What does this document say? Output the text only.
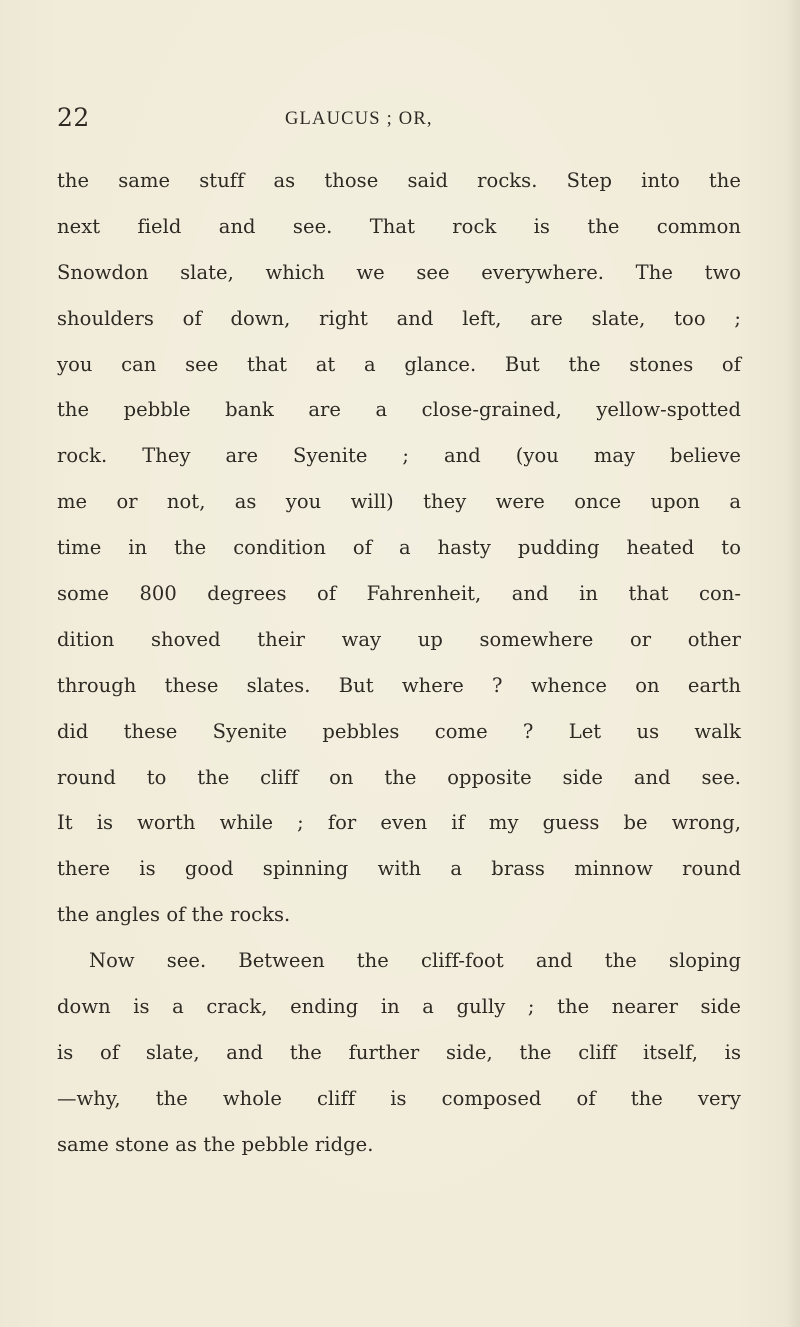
22	GLAUCUS ; OR,
the same stuff as those said rocks. Step into the
next field and see. That rock is the common
Snowdon slate, which we see everywhere. The two
shoulders of down, right and left, are slate, too ;
you can see that at a glance. But the stones of
the pebble bank are a close-grained, yellow-spotted
rock. They are Syenite ; and (you may believe
me or not, as you will) they were once upon a
time in the condition of a hasty pudding heated to
some 800 degrees of Fahrenheit, and in that con-
dition shoved their way up somewhere or other
through these slates. But where ? whence on earth
did these Syenite pebbles come ? Let us walk
round to the cliff on the opposite side and see.
It is worth while ; for even if my guess be wrong,
there is good spinning with a brass minnow round
the angles of the rocks.
Now see. Between the cliff-foot and the sloping
down is a crack, ending in a gully ; the nearer side
is of slate, and the further side, the cliff itself, is
—why, the whole cliff is composed of the very
same stone as the pebble ridge.
